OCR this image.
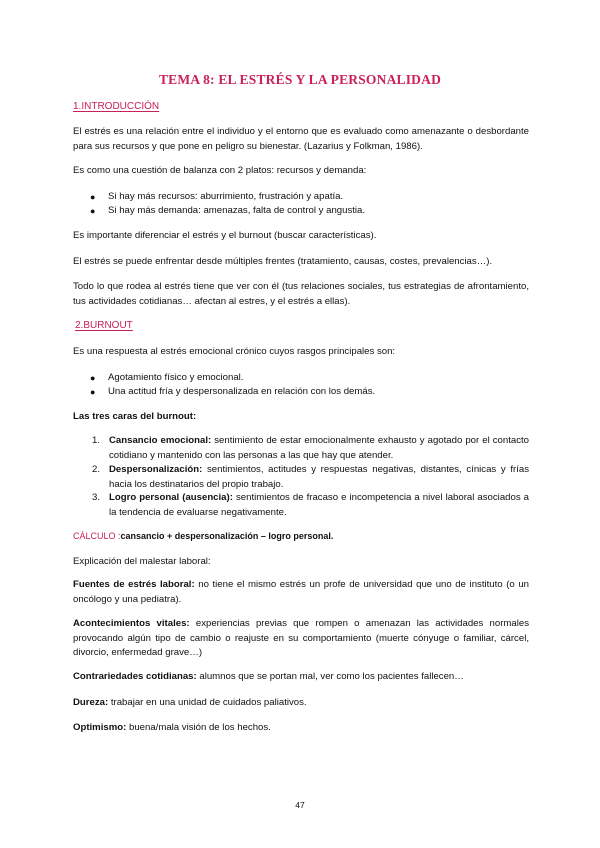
TEMA 8: EL ESTRÉS Y LA PERSONALIDAD
1.INTRODUCCIÓN

El estrés es una relación entre el individuo y el entorno que es evaluado como amenazante o desbordante para sus recursos y que pone en peligro su bienestar. (Lazarius y Folkman, 1986).

Es como una cuestión de balanza con 2 platos: recursos y demanda:

● Si hay más recursos: aburrimiento, frustración y apatía.
● Si hay más demanda: amenazas, falta de control y angustia.

Es importante diferenciar el estrés y el burnout (buscar características).

El estrés se puede enfrentar desde múltiples frentes (tratamiento, causas, costes, prevalencias…).

Todo lo que rodea al estrés tiene que ver con él (tus relaciones sociales, tus estrategias de afrontamiento, tus actividades cotidianas… afectan al estres, y el estrés a ellas).

2.BURNOUT

Es una respuesta al estrés emocional crónico cuyos rasgos principales son:

● Agotamiento físico y emocional.
● Una actitud fría y despersonalizada en relación con los demás.

Las tres caras del burnout:

1. Cansancio emocional: sentimiento de estar emocionalmente exhausto y agotado por el contacto cotidiano y mantenido con las personas a las que hay que atender.
2. Despersonalización: sentimientos, actitudes y respuestas negativas, distantes, cínicas y frías hacia los destinatarios del propio trabajo.
3. Logro personal (ausencia): sentimientos de fracaso e incompetencia a nivel laboral asociados a la tendencia de evaluarse negativamente.

CÁLCULO :cansancio + despersonalización – logro personal.

Explicación del malestar laboral:

Fuentes de estrés laboral: no tiene el mismo estrés un profe de universidad que uno de instituto (o un oncólogo y una pediatra).

Acontecimientos vitales: experiencias previas que rompen o amenazan las actividades normales provocando algún tipo de cambio o reajuste en su comportamiento (muerte cónyuge o familiar, cárcel, divorcio, enfermedad grave…)

Contrariedades cotidianas: alumnos que se portan mal, ver como los pacientes fallecen…

Dureza: trabajar en una unidad de cuidados paliativos.

Optimismo: buena/mala visión de los hechos.

47
